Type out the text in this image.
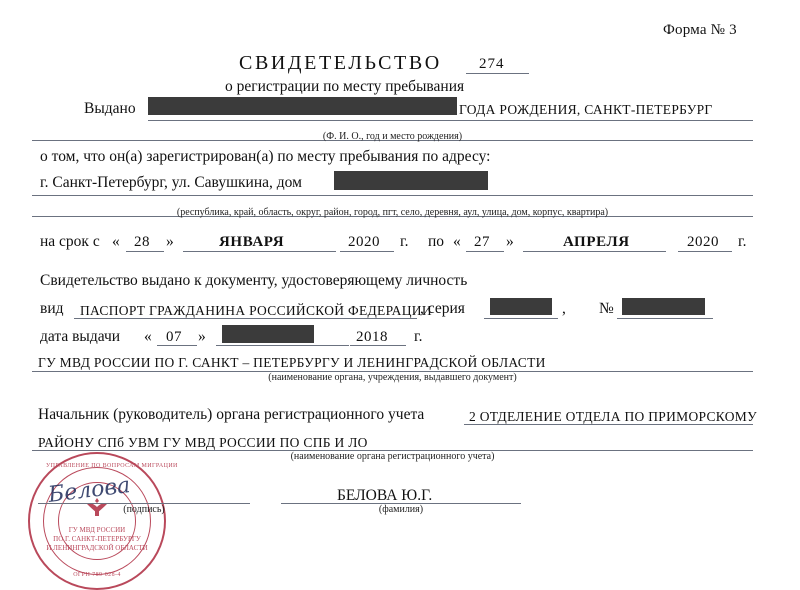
Форма № 3
СВИДЕТЕЛЬСТВО 274
о регистрации по месту пребывания
Выдано	ГОДА РОЖДЕНИЯ, САНКТ-ПЕТЕРБУРГ
(Ф. И. О., год и место рождения)
о том, что он(а) зарегистрирован(а) по месту пребывания по адресу:
г. Санкт-Петербург, ул. Савушкина, дом
(республика, край, область, округ, район, город, пгт, село, деревня, аул, улица, дом, корпус, квартира)
на срок с « 28 »	ЯНВАРЯ	2020 г. по « 27 »	АПРЕЛЯ	2020 г.
Свидетельство выдано к документу, удостоверяющему личность
вид ПАСПОРТ ГРАЖДАНИНА РОССИЙСКОЙ ФЕДЕРАЦИИ
, серия	, №
дата выдачи « 07 »	2018 г.
ГУ МВД РОССИИ ПО Г. САНКТ – ПЕТЕРБУРГУ И ЛЕНИНГРАДСКОЙ ОБЛАСТИ
(наименование органа, учреждения, выдавшего документ)
Начальник (руководитель) органа регистрационного учета	2 ОТДЕЛЕНИЕ ОТДЕЛА ПО ПРИМОРСКОМУ
РАЙОНУ СПб УВМ ГУ МВД РОССИИ ПО СПБ И ЛО
(наименование органа регистрационного учета)
УПРАВЛЕНИЕ ПО ВОПРОСАМ МИГРАЦИИ
ГУ МВД РОССИИ
ПО Г. САНКТ-ПЕТЕРБУРГУ
И ЛЕНИНГРАДСКОЙ ОБЛАСТИ
ОГРН 789-028-4
Белова
(подпись)
БЕЛОВА Ю.Г.
(фамилия)
